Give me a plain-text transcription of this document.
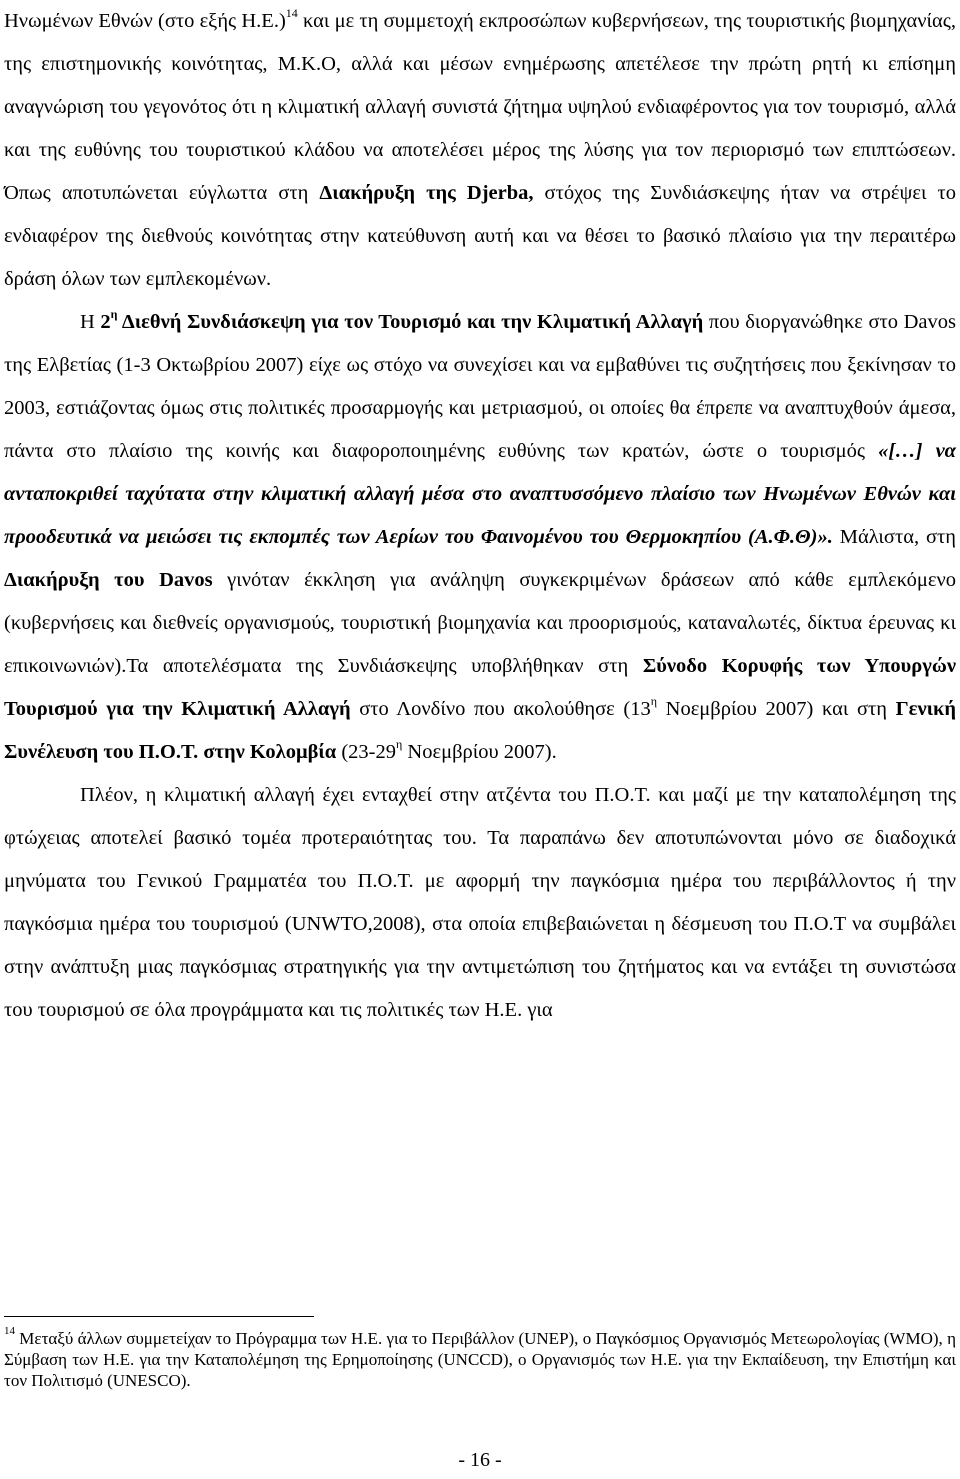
Ηνωμένων Εθνών (στο εξής Η.Ε.)$^{14}$ και με τη συμμετοχή εκπροσώπων κυβερνήσεων, της τουριστικής βιομηχανίας, της επιστημονικής κοινότητας, Μ.Κ.Ο, αλλά και μέσων ενημέρωσης απετέλεσε την πρώτη ρητή κι επίσημη αναγνώριση του γεγονότος ότι η κλιματική αλλαγή συνιστά ζήτημα υψηλού ενδιαφέροντος για τον τουρισμό, αλλά και της ευθύνης του τουριστικού κλάδου να αποτελέσει μέρος της λύσης για τον περιορισμό των επιπτώσεων. Όπως αποτυπώνεται εύγλωττα στη Διακήρυξη της Djerba, στόχος της Συνδιάσκεψης ήταν να στρέψει το ενδιαφέρον της διεθνούς κοινότητας στην κατεύθυνση αυτή και να θέσει το βασικό πλαίσιο για την περαιτέρω δράση όλων των εμπλεκομένων.

Η $2^\eta$ Διεθνή Συνδιάσκεψη για τον Τουρισμό και την Κλιματική Αλλαγή που διοργανώθηκε στο Davos της Ελβετίας (1-3 Οκτωβρίου 2007) είχε ως στόχο να συνεχίσει και να εμβαθύνει τις συζητήσεις που ξεκίνησαν το 2003, εστιάζοντας όμως στις πολιτικές προσαρμογής και μετριασμού, οι οποίες θα έπρεπε να αναπτυχθούν άμεσα, πάντα στο πλαίσιο της κοινής και διαφοροποιημένης ευθύνης των κρατών, ώστε ο τουρισμός «[…] να ανταποκριθεί ταχύτατα στην κλιματική αλλαγή μέσα στο αναπτυσσόμενο πλαίσιο των Ηνωμένων Εθνών και προοδευτικά να μειώσει τις εκπομπές των Αερίων του Φαινομένου του Θερμοκηπίου (Α.Φ.Θ)». Μάλιστα, στη Διακήρυξη του Davos γινόταν έκκληση για ανάληψη συγκεκριμένων δράσεων από κάθε εμπλεκόμενο (κυβερνήσεις και διεθνείς οργανισμούς, τουριστική βιομηχανία και προορισμούς, καταναλωτές, δίκτυα έρευνας κι επικοινωνιών).Τα αποτελέσματα της Συνδιάσκεψης υποβλήθηκαν στη Σύνοδο Κορυφής των Υπουργών Τουρισμού για την Κλιματική Αλλαγή στο Λονδίνο που ακολούθησε ($13^\eta$ Νοεμβρίου 2007) και στη Γενική Συνέλευση του Π.Ο.Τ. στην Κολομβία ($23-29^\eta$ Νοεμβρίου 2007).

Πλέον, η κλιματική αλλαγή έχει ενταχθεί στην ατζέντα του Π.Ο.Τ. και μαζί με την καταπολέμηση της φτώχειας αποτελεί βασικό τομέα προτεραιότητας του. Τα παραπάνω δεν αποτυπώνονται μόνο σε διαδοχικά μηνύματα του Γενικού Γραμματέα του Π.Ο.Τ. με αφορμή την παγκόσμια ημέρα του περιβάλλοντος ή την παγκόσμια ημέρα του τουρισμού (UNWTO,2008), στα οποία επιβεβαιώνεται η δέσμευση του Π.Ο.Τ να συμβάλει στην ανάπτυξη μιας παγκόσμιας στρατηγικής για την αντιμετώπιση του ζητήματος και να εντάξει τη συνιστώσα του τουρισμού σε όλα προγράμματα και τις πολιτικές των Η.Ε. για

$^{14}$ Μεταξύ άλλων συμμετείχαν το Πρόγραμμα των Η.Ε. για το Περιβάλλον (UNEP), ο Παγκόσμιος Οργανισμός Μετεωρολογίας (WMO), η Σύμβαση των Η.Ε. για την Καταπολέμηση της Ερημοποίησης (UNCCD), ο Οργανισμός των Η.Ε. για την Εκπαίδευση, την Επιστήμη και τον Πολιτισμό (UNESCO).
- 16 -
